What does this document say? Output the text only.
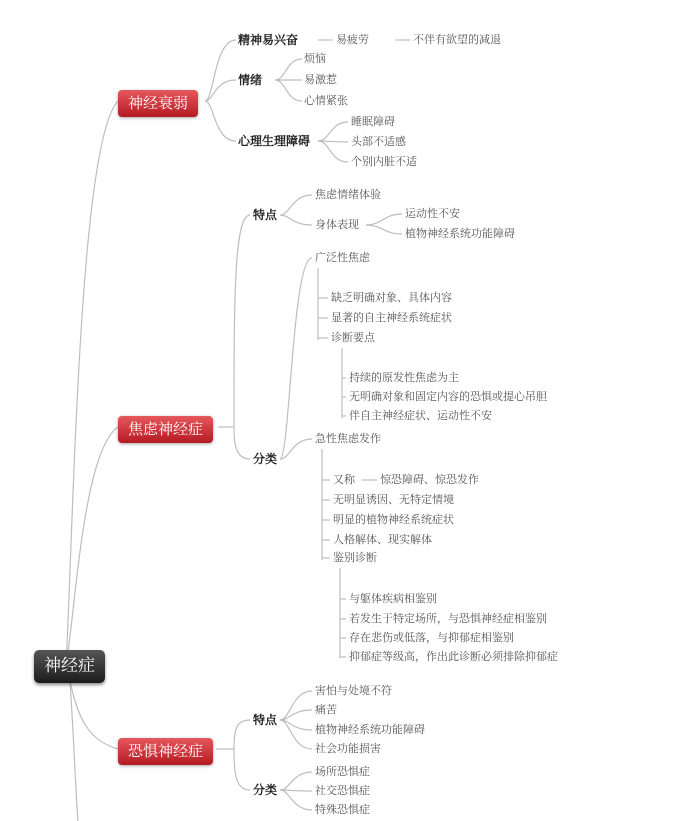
神经症
神经衰弱
精神易兴奋	易疲劳	不伴有欲望的减退
情绪
烦恼
易激惹
心情紧张
心理生理障碍
睡眠障碍
头部不适感
个别内脏不适
焦虑神经症
特点
焦虑情绪体验
身体表现
运动性不安
植物神经系统功能障碍
分类
广泛性焦虑
缺乏明确对象、具体内容
显著的自主神经系统症状
诊断要点
持续的原发性焦虑为主
无明确对象和固定内容的恐惧或提心吊胆
伴自主神经症状、运动性不安
急性焦虑发作
又称 惊恐障碍、惊恐发作
无明显诱因、无特定情境
明显的植物神经系统症状
人格解体、现实解体
鉴别诊断
与躯体疾病相鉴别
若发生于特定场所，与恐惧神经症相鉴别
存在悲伤或低落，与抑郁症相鉴别
抑郁症等级高，作出此诊断必须排除抑郁症
恐惧神经症
特点
害怕与处境不符
痛苦
植物神经系统功能障碍
社会功能损害
分类
场所恐惧症
社交恐惧症
特殊恐惧症
